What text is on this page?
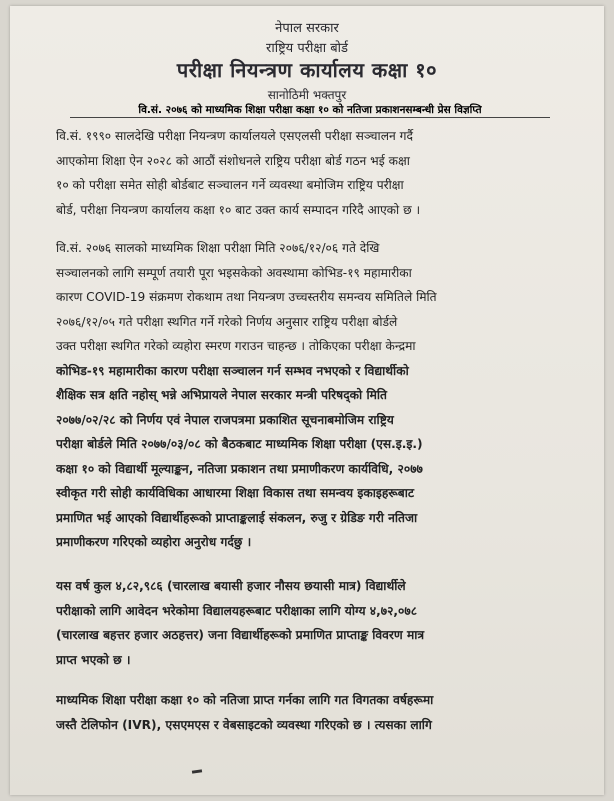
नेपाल सरकार
राष्ट्रिय परीक्षा बोर्ड
परीक्षा नियन्त्रण कार्यालय कक्षा १०
सानोठिमी भक्तपुर
वि.सं. २०७६ को माध्यमिक शिक्षा परीक्षा कक्षा १० को नतिजा प्रकाशनसम्बन्धी प्रेस विज्ञप्ति
वि.सं. १९९० सालदेखि परीक्षा नियन्त्रण कार्यालयले एसएलसी परीक्षा सञ्चालन गर्दै
आएकोमा शिक्षा ऐन २०२८ को आठौं संशोधनले राष्ट्रिय परीक्षा बोर्ड गठन भई कक्षा
१० को परीक्षा समेत सोही बोर्डबाट सञ्चालन गर्ने व्यवस्था बमोजिम राष्ट्रिय परीक्षा
बोर्ड, परीक्षा नियन्त्रण कार्यालय कक्षा १० बाट उक्त कार्य सम्पादन गरिदै आएको छ ।
वि.सं. २०७६ सालको माध्यमिक शिक्षा परीक्षा मिति २०७६/१२/०६ गते देखि
सञ्चालनको लागि सम्पूर्ण तयारी पूरा भइसकेको अवस्थामा कोभिड-१९ महामारीका
कारण COVID-19 संक्रमण रोकथाम तथा नियन्त्रण उच्चस्तरीय समन्वय समितिले मिति
२०७६/१२/०५ गते परीक्षा स्थगित गर्ने गरेको निर्णय अनुसार राष्ट्रिय परीक्षा बोर्डले
उक्त परीक्षा स्थगित गरेको व्यहोरा स्मरण गराउन चाहन्छ । तोकिएका परीक्षा केन्द्रमा
कोभिड-१९ महामारीका कारण परीक्षा सञ्चालन गर्न सम्भव नभएको र विद्यार्थीको
शैक्षिक सत्र क्षति नहोस् भन्ने अभिप्रायले नेपाल सरकार मन्त्री परिषद्को मिति
२०७७/०२/२८ को निर्णय एवं नेपाल राजपत्रमा प्रकाशित सूचनाबमोजिम राष्ट्रिय
परीक्षा बोर्डले मिति २०७७/०३/०८ को बैठकबाट माध्यमिक शिक्षा परीक्षा (एस.इ.इ.)
कक्षा १० को विद्यार्थी मूल्याङ्कन, नतिजा प्रकाशन तथा प्रमाणीकरण कार्यविधि, २०७७
स्वीकृत गरी सोही कार्यविधिका आधारमा शिक्षा विकास तथा समन्वय इकाइहरूबाट
प्रमाणित भई आएको विद्यार्थीहरूको प्राप्ताङ्कलाई संकलन, रुजु र ग्रेडिङ गरी नतिजा
प्रमाणीकरण गरिएको व्यहोरा अनुरोध गर्दछु ।
यस वर्ष कुल ४,८२,९८६ (चारलाख बयासी हजार नौसय छयासी मात्र) विद्यार्थीले
परीक्षाको लागि आवेदन भरेकोमा विद्यालयहरूबाट परीक्षाका लागि योग्य ४,७२,०७८
(चारलाख बहत्तर हजार अठहत्तर) जना विद्यार्थीहरूको प्रमाणित प्राप्ताङ्क विवरण मात्र
प्राप्त भएको छ ।
माध्यमिक शिक्षा परीक्षा कक्षा १० को नतिजा प्राप्त गर्नका लागि गत विगतका वर्षहरूमा
जस्तै टेलिफोन (IVR), एसएमएस र वेबसाइटको व्यवस्था गरिएको छ । त्यसका लागि
